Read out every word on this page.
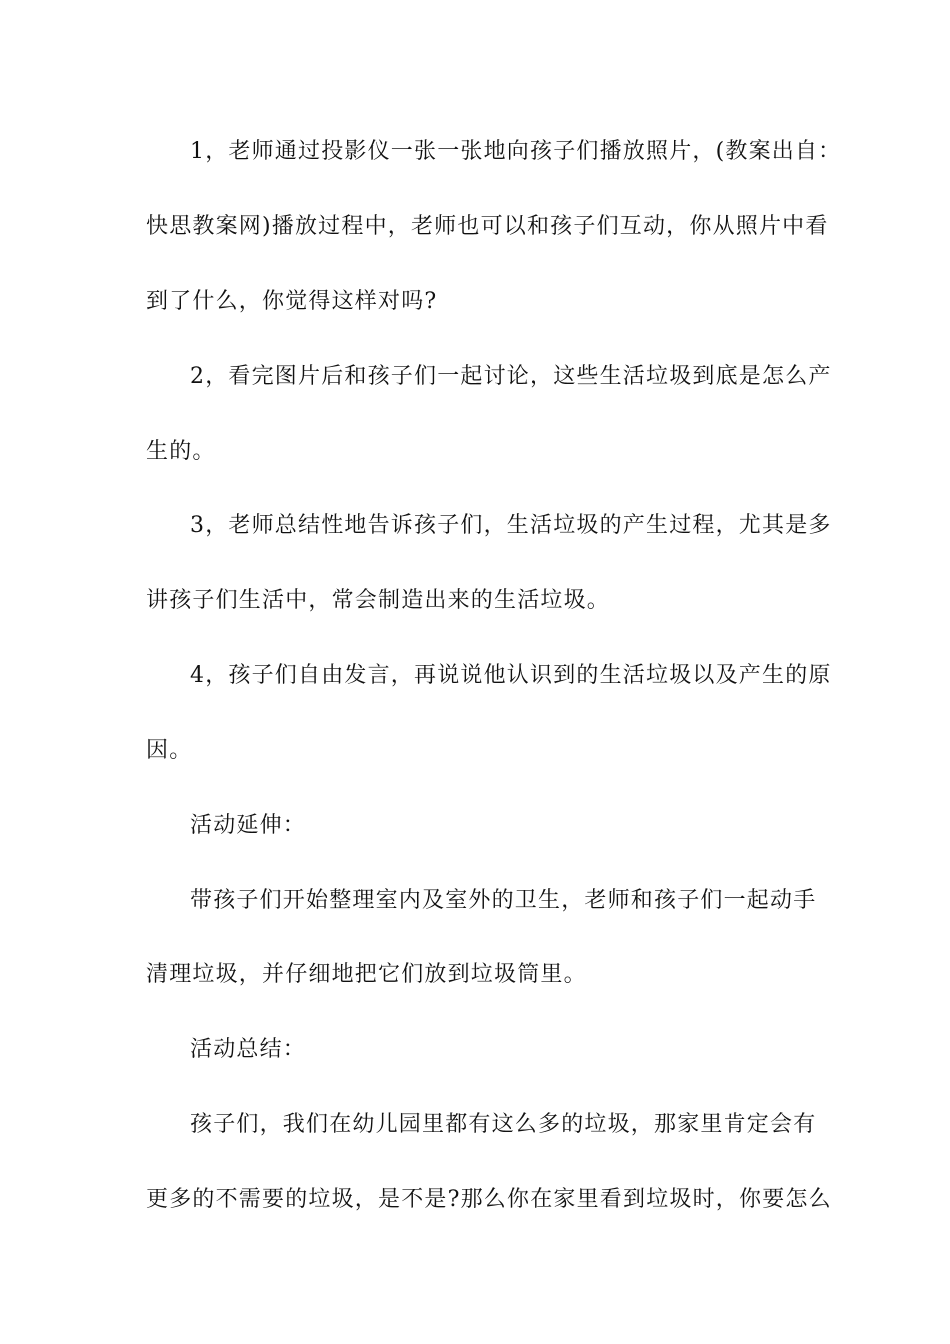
1，老师通过投影仪一张一张地向孩子们播放照片，(教案出自：
快思教案网)播放过程中，老师也可以和孩子们互动，你从照片中看
到了什么，你觉得这样对吗?
2，看完图片后和孩子们一起讨论，这些生活垃圾到底是怎么产
生的。
3，老师总结性地告诉孩子们，生活垃圾的产生过程，尤其是多
讲孩子们生活中，常会制造出来的生活垃圾。
4，孩子们自由发言，再说说他认识到的生活垃圾以及产生的原
因。
活动延伸：
带孩子们开始整理室内及室外的卫生，老师和孩子们一起动手
清理垃圾，并仔细地把它们放到垃圾筒里。
活动总结：
孩子们，我们在幼儿园里都有这么多的垃圾，那家里肯定会有
更多的不需要的垃圾，是不是?那么你在家里看到垃圾时，你要怎么
